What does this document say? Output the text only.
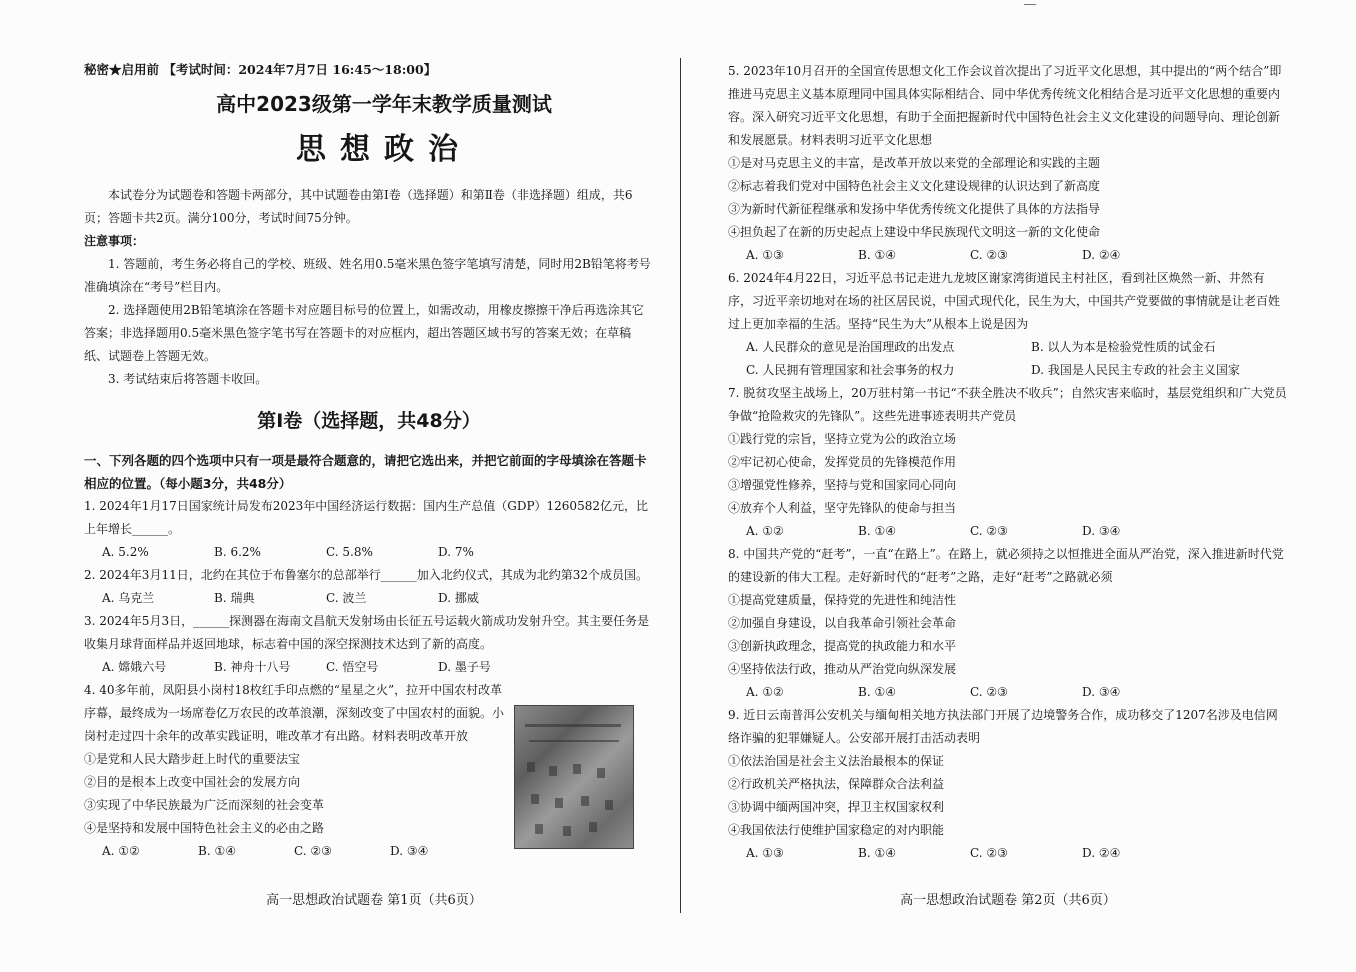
秘密★启用前 【考试时间：2024年7月7日 16:45～18:00】
高中2023级第一学年末教学质量测试
思想政治
本试卷分为试题卷和答题卡两部分，其中试题卷由第Ⅰ卷（选择题）和第Ⅱ卷（非选择题）组成，共6页；答题卡共2页。满分100分，考试时间75分钟。
注意事项：
1. 答题前，考生务必将自己的学校、班级、姓名用0.5毫米黑色签字笔填写清楚，同时用2B铅笔将考号准确填涂在“考号”栏目内。
2. 选择题使用2B铅笔填涂在答题卡对应题目标号的位置上，如需改动，用橡皮擦擦干净后再选涂其它答案；非选择题用0.5毫米黑色签字笔书写在答题卡的对应框内，超出答题区域书写的答案无效；在草稿纸、试题卷上答题无效。
3. 考试结束后将答题卡收回。
第Ⅰ卷（选择题，共48分）
一、下列各题的四个选项中只有一项是最符合题意的，请把它选出来，并把它前面的字母填涂在答题卡相应的位置。（每小题3分，共48分）
1. 2024年1月17日国家统计局发布2023年中国经济运行数据：国内生产总值（GDP）1260582亿元，比上年增长______。
A. 5.2%	B. 6.2%	C. 5.8%	D. 7%
2. 2024年3月11日，北约在其位于布鲁塞尔的总部举行______加入北约仪式，其成为北约第32个成员国。
A. 乌克兰	B. 瑞典	C. 波兰	D. 挪威
3. 2024年5月3日，______探测器在海南文昌航天发射场由长征五号运载火箭成功发射升空。其主要任务是收集月球背面样品并返回地球，标志着中国的深空探测技术达到了新的高度。
A. 嫦娥六号	B. 神舟十八号	C. 悟空号	D. 墨子号
4. 40多年前，凤阳县小岗村18枚红手印点燃的“星星之火”，拉开中国农村改革序幕，最终成为一场席卷亿万农民的改革浪潮，深刻改变了中国农村的面貌。小岗村走过四十余年的改革实践证明，唯改革才有出路。材料表明改革开放
①是党和人民大踏步赶上时代的重要法宝
②目的是根本上改变中国社会的发展方向
③实现了中华民族最为广泛而深刻的社会变革
④是坚持和发展中国特色社会主义的必由之路
A. ①②	B. ①④	C. ②③	D. ③④
高一思想政治试题卷 第1页（共6页）
5. 2023年10月召开的全国宣传思想文化工作会议首次提出了习近平文化思想，其中提出的“两个结合”即推进马克思主义基本原理同中国具体实际相结合、同中华优秀传统文化相结合是习近平文化思想的重要内容。深入研究习近平文化思想，有助于全面把握新时代中国特色社会主义文化建设的问题导向、理论创新和发展愿景。材料表明习近平文化思想
①是对马克思主义的丰富，是改革开放以来党的全部理论和实践的主题
②标志着我们党对中国特色社会主义文化建设规律的认识达到了新高度
③为新时代新征程继承和发扬中华优秀传统文化提供了具体的方法指导
④担负起了在新的历史起点上建设中华民族现代文明这一新的文化使命
A. ①③	B. ①④	C. ②③	D. ②④
6. 2024年4月22日，习近平总书记走进九龙坡区谢家湾街道民主村社区，看到社区焕然一新、井然有序，习近平亲切地对在场的社区居民说，中国式现代化，民生为大，中国共产党要做的事情就是让老百姓过上更加幸福的生活。坚持“民生为大”从根本上说是因为
A. 人民群众的意见是治国理政的出发点	B. 以人为本是检验党性质的试金石
C. 人民拥有管理国家和社会事务的权力	D. 我国是人民民主专政的社会主义国家
7. 脱贫攻坚主战场上，20万驻村第一书记“不获全胜决不收兵”；自然灾害来临时，基层党组织和广大党员争做“抢险救灾的先锋队”。这些先进事迹表明共产党员
①践行党的宗旨，坚持立党为公的政治立场
②牢记初心使命，发挥党员的先锋模范作用
③增强党性修养，坚持与党和国家同心同向
④放弃个人利益，坚守先锋队的使命与担当
A. ①②	B. ①④	C. ②③	D. ③④
8. 中国共产党的“赶考”，一直“在路上”。在路上，就必须持之以恒推进全面从严治党，深入推进新时代党的建设新的伟大工程。走好新时代的“赶考”之路，走好“赶考”之路就必须
①提高党建质量，保持党的先进性和纯洁性
②加强自身建设，以自我革命引领社会革命
③创新执政理念，提高党的执政能力和水平
④坚持依法行政，推动从严治党向纵深发展
A. ①②	B. ①④	C. ②③	D. ③④
9. 近日云南普洱公安机关与缅甸相关地方执法部门开展了边境警务合作，成功移交了1207名涉及电信网络诈骗的犯罪嫌疑人。公安部开展打击活动表明
①依法治国是社会主义法治最根本的保证
②行政机关严格执法，保障群众合法利益
③协调中缅两国冲突，捍卫主权国家权利
④我国依法行使维护国家稳定的对内职能
A. ①③	B. ①④	C. ②③	D. ②④
高一思想政治试题卷 第2页（共6页）
